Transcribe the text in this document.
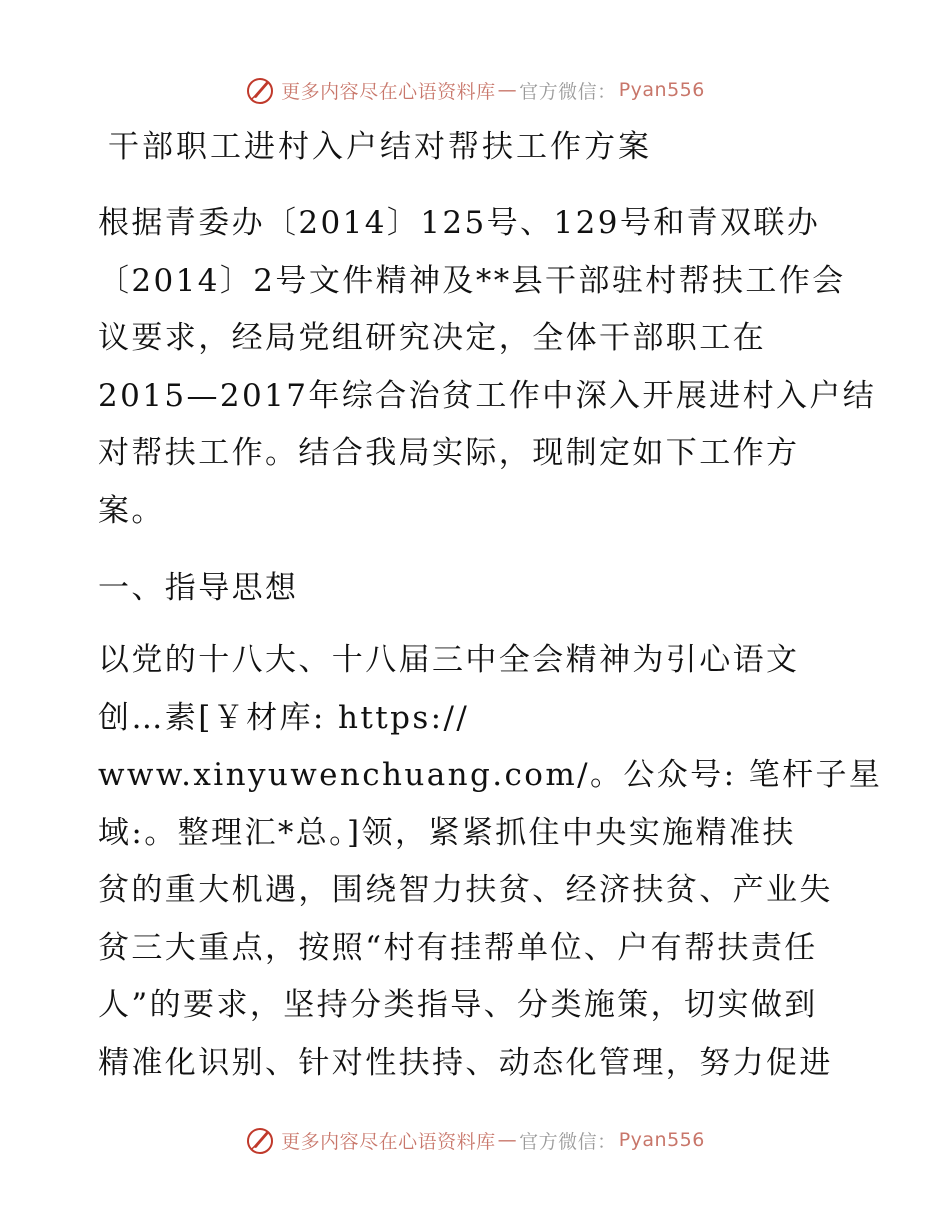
更多内容尽在心语资料库 — 官方微信： Pyan556
干部职工进村入户结对帮扶工作方案
根据青委办〔2014〕125号、129号和青双联办
〔2014〕2号文件精神及**县干部驻村帮扶工作会
议要求，经局党组研究决定，全体干部职工在
2015—2017年综合治贫工作中深入开展进村入户结
对帮扶工作。结合我局实际，现制定如下工作方
案。
一、指导思想
以党的十八大、十八届三中全会精神为引心语文
创…素[￥材库: https://
www.xinyuwenchuang.com/。公众号: 笔杆子星
域:。整理汇*总。]领，紧紧抓住中央实施精准扶
贫的重大机遇，围绕智力扶贫、经济扶贫、产业失
贫三大重点，按照“村有挂帮单位、户有帮扶责任
人”的要求，坚持分类指导、分类施策，切实做到
精准化识别、针对性扶持、动态化管理，努力促进
更多内容尽在心语资料库 — 官方微信： Pyan556
